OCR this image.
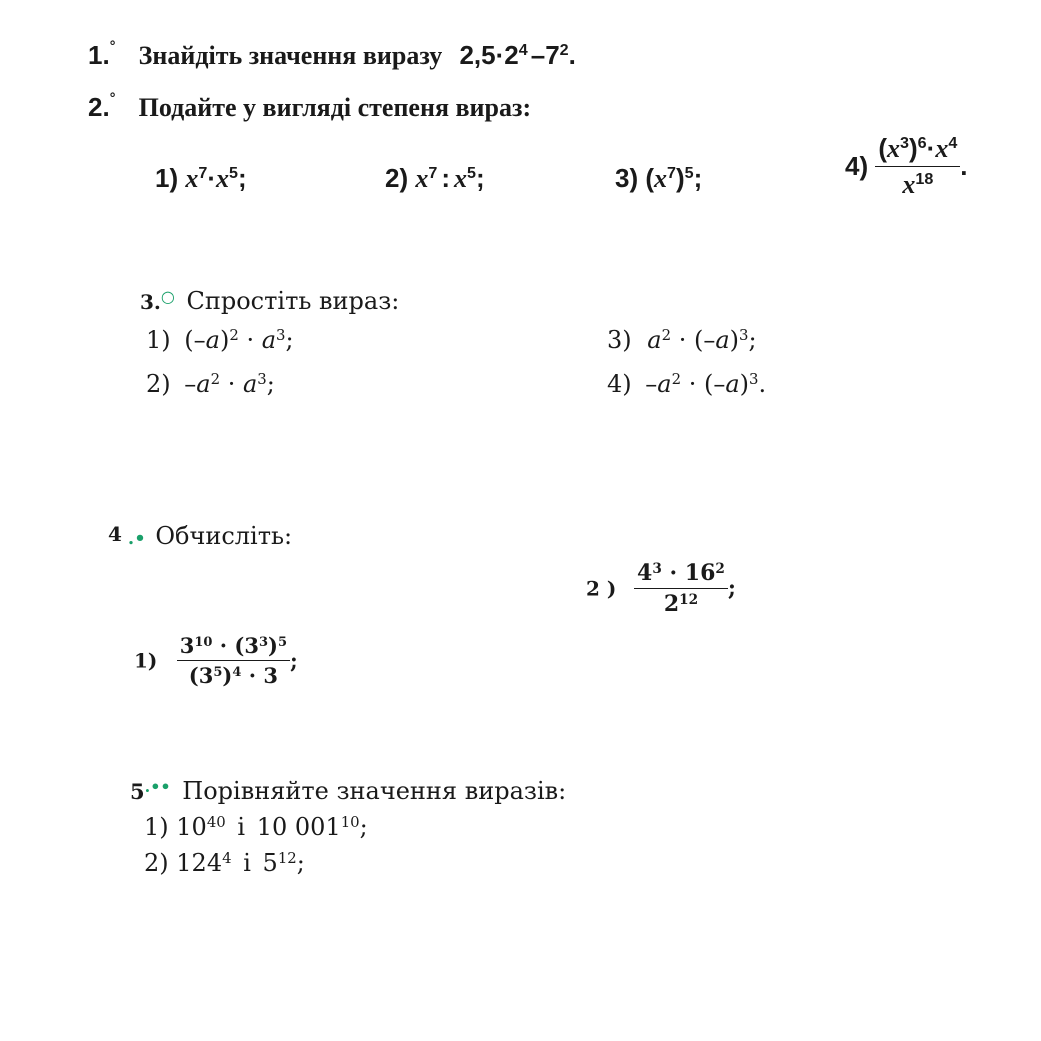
1.° Знайдіть значення виразу $2,5\cdot 2^4$ $-7^2$.
2.° Подайте у вигляді степеня вираз:
1) $x^7\cdot x^5$;	2) $x^7$ : $x^5$;	3) $(x^7)^5$;	$4) \frac{(x^3)^6\cdot x^4}{x^{18}}$ .
3.○ Спростіть вираз:
1) $(-a)^2 \cdot a^3$;
2) $-a^2 \cdot a^3$;
3) $a^2 \cdot (-a)^3$;
4) $-a^2 \cdot (-a)^3$.
$^4$ .• Обчисліть:
2 ) $\frac{4^3 \cdot 16^2}{2^{12}}$ ;
$1) \frac{3^{10} \cdot (3^3)^5}{(3^5)^4 \cdot 3}$ ;
5.•• Порівняйте значення виразів:
1) $10^{40}$ і 10 $001^{10}$;
2) $124^4$ і $5^{12}$;
